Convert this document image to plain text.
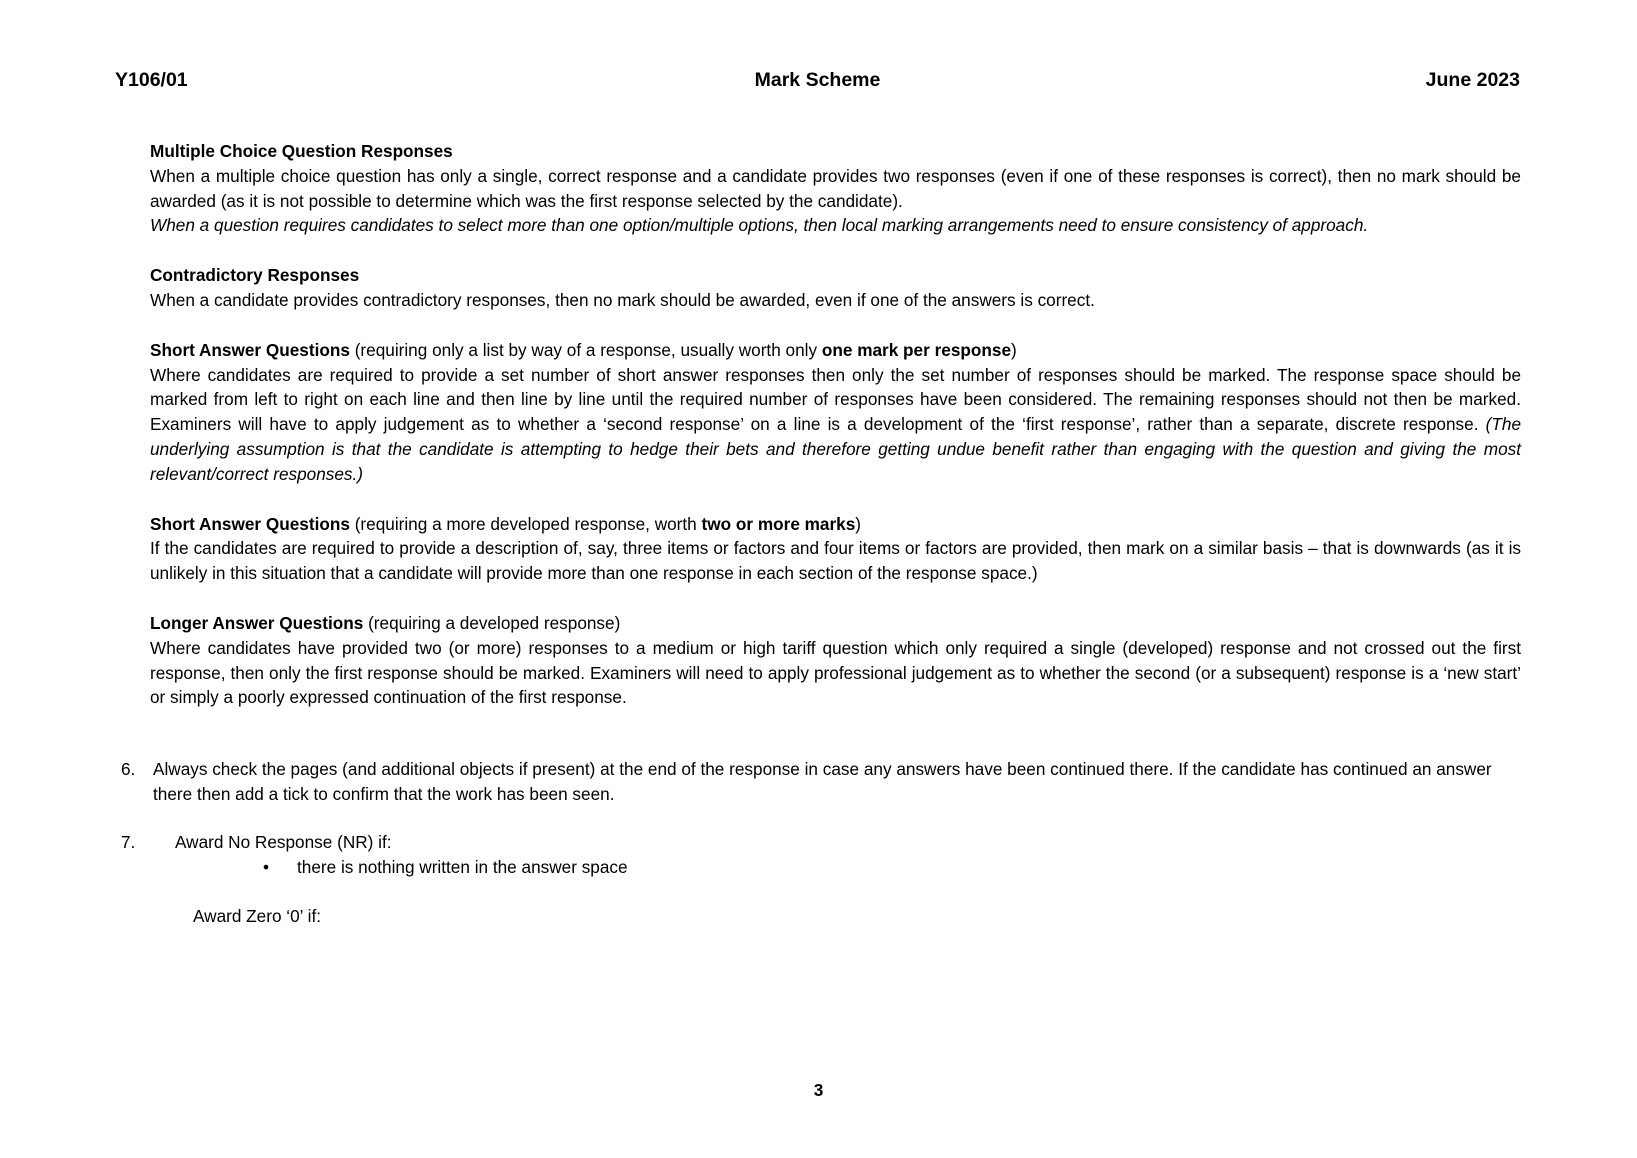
Y106/01	Mark Scheme	June 2023
Multiple Choice Question Responses

When a multiple choice question has only a single, correct response and a candidate provides two responses (even if one of these responses is correct), then no mark should be awarded (as it is not possible to determine which was the first response selected by the candidate).

When a question requires candidates to select more than one option/multiple options, then local marking arrangements need to ensure consistency of approach.

Contradictory Responses

When a candidate provides contradictory responses, then no mark should be awarded, even if one of the answers is correct.

Short Answer Questions (requiring only a list by way of a response, usually worth only one mark per response)

Where candidates are required to provide a set number of short answer responses then only the set number of responses should be marked. The response space should be marked from left to right on each line and then line by line until the required number of responses have been considered. The remaining responses should not then be marked. Examiners will have to apply judgement as to whether a ‘second response’ on a line is a development of the ‘first response’, rather than a separate, discrete response. (The underlying assumption is that the candidate is attempting to hedge their bets and therefore getting undue benefit rather than engaging with the question and giving the most relevant/correct responses.)

Short Answer Questions (requiring a more developed response, worth two or more marks)

If the candidates are required to provide a description of, say, three items or factors and four items or factors are provided, then mark on a similar basis – that is downwards (as it is unlikely in this situation that a candidate will provide more than one response in each section of the response space.)

Longer Answer Questions (requiring a developed response)

Where candidates have provided two (or more) responses to a medium or high tariff question which only required a single (developed) response and not crossed out the first response, then only the first response should be marked. Examiners will need to apply professional judgement as to whether the second (or a subsequent) response is a ‘new start’ or simply a poorly expressed continuation of the first response.

6. Always check the pages (and additional objects if present) at the end of the response in case any answers have been continued there. If the candidate has continued an answer there then add a tick to confirm that the work has been seen.
7. Award No Response (NR) if:
• there is nothing written in the answer space
Award Zero ‘0’ if:
3
